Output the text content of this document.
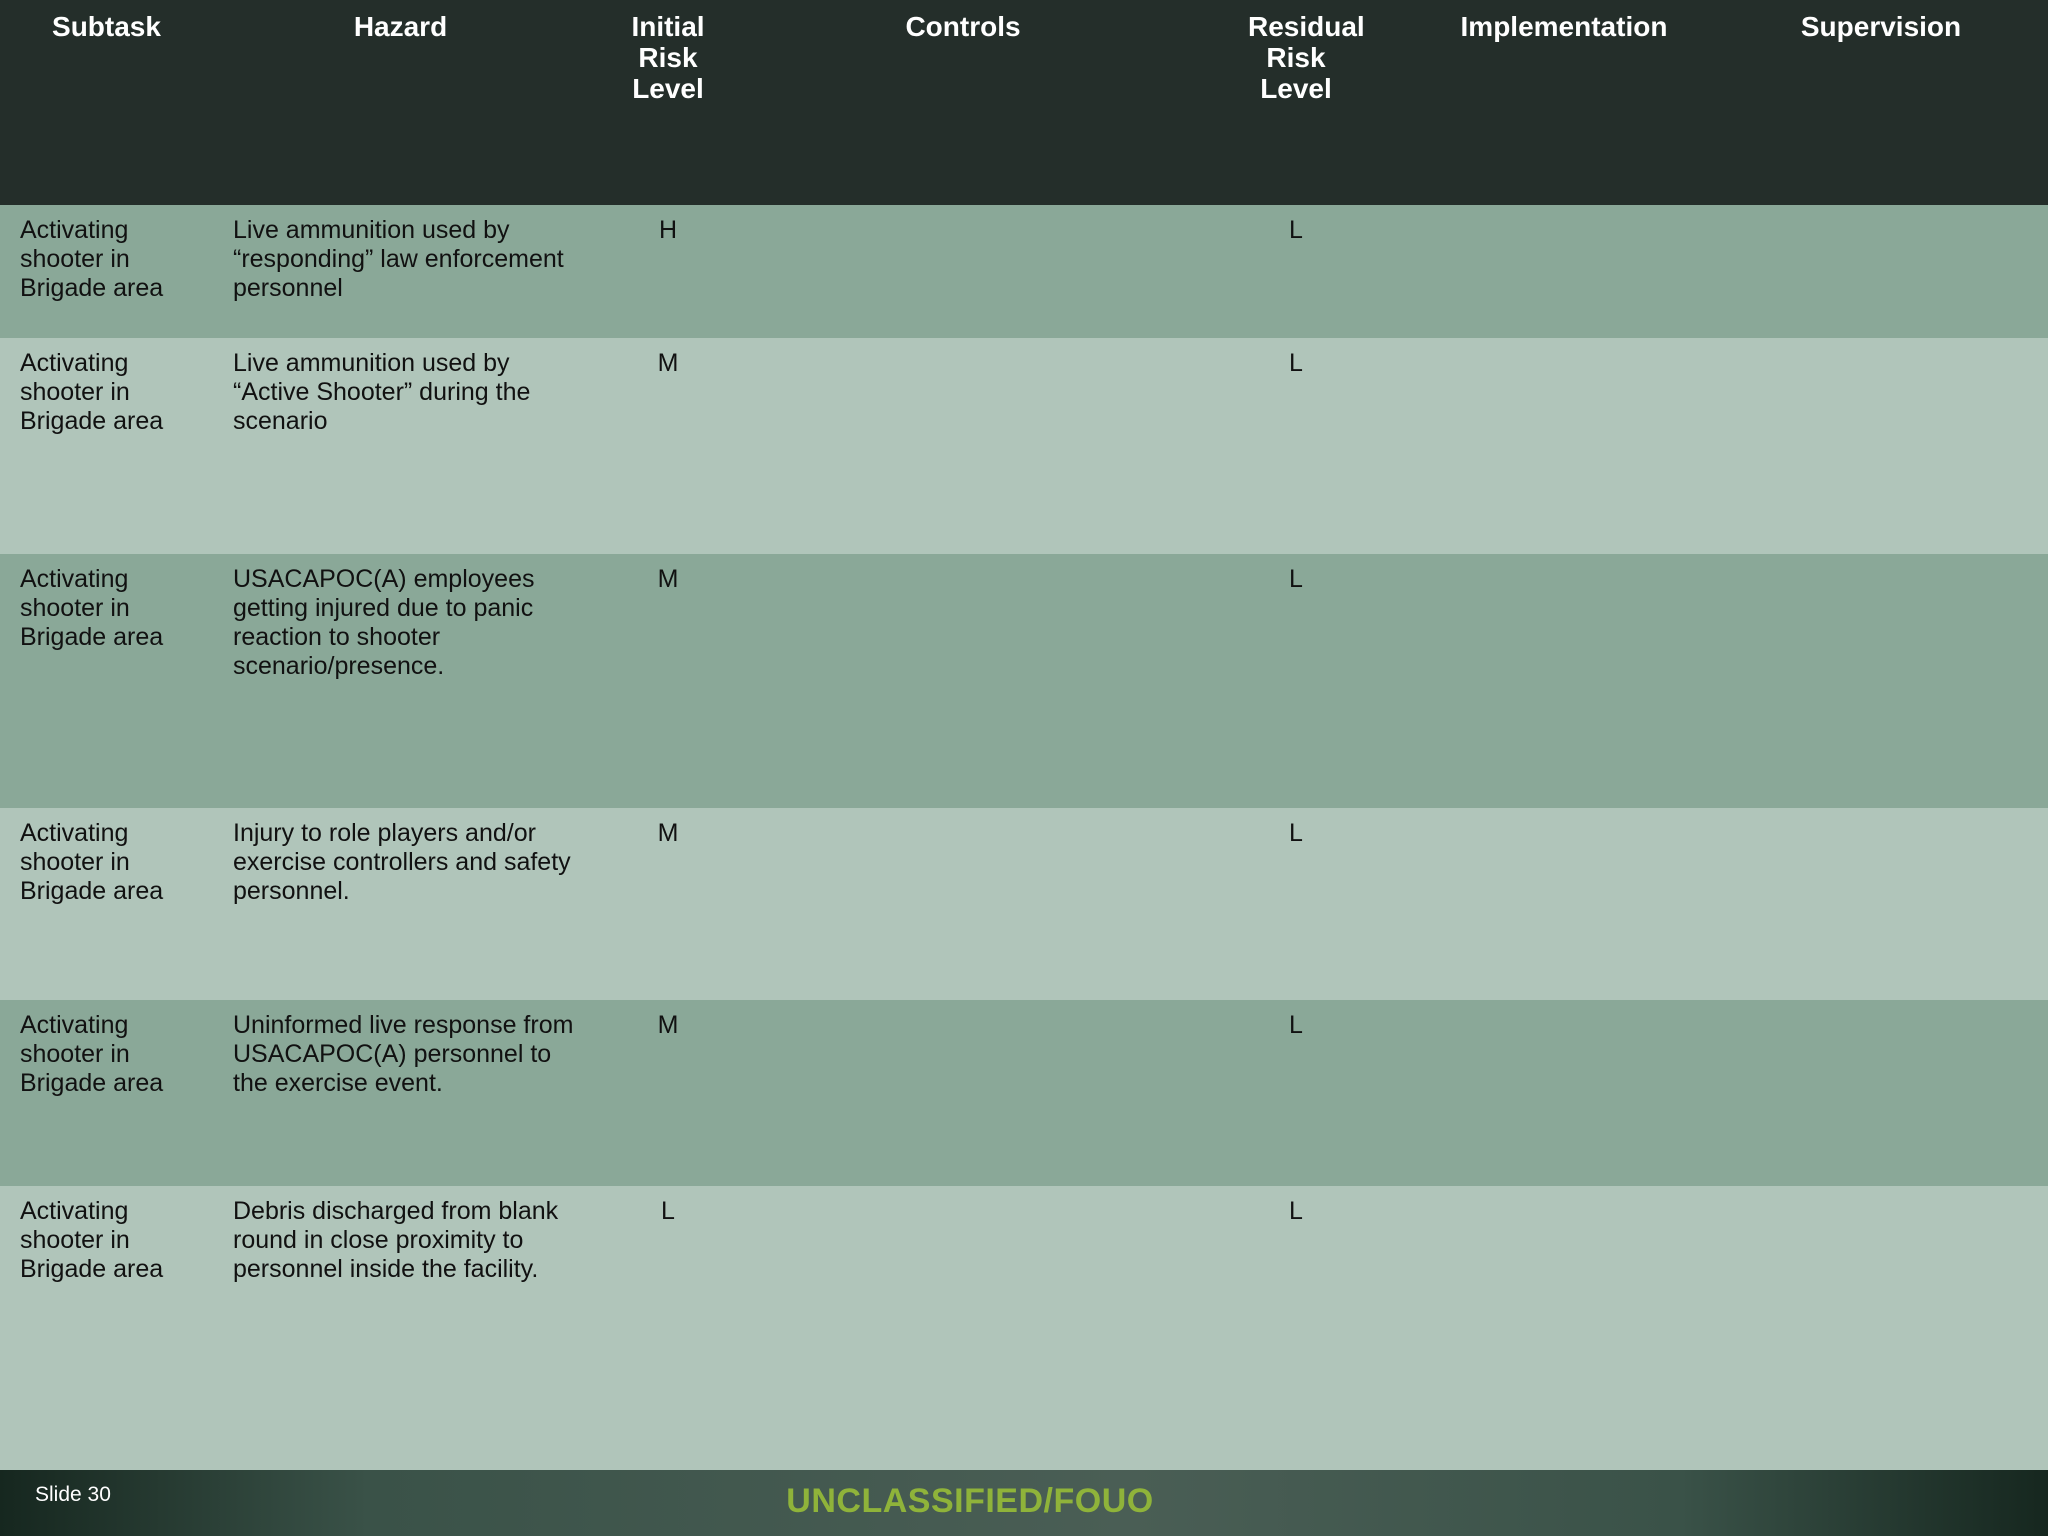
Subtask	Hazard	Initial Risk Level	Controls	Residual Risk Level	Implementation	Supervision
Activating shooter in Brigade area	Live ammunition used by “responding” law enforcement personnel	H		L		
Activating shooter in Brigade area	Live ammunition used by “Active Shooter” during the scenario	M		L		
Activating shooter in Brigade area	USACAPOC(A) employees getting injured due to panic reaction to shooter scenario/presence.	M		L		
Activating shooter in Brigade area	Injury to role players and/or exercise controllers and safety personnel.	M		L		
Activating shooter in Brigade area	Uninformed live response from USACAPOC(A) personnel to the exercise event.	M		L		
Activating shooter in Brigade area	Debris discharged from blank round in close proximity to personnel inside the facility.	L		L		
Slide 30	UNCLASSIFIED/FOUO
